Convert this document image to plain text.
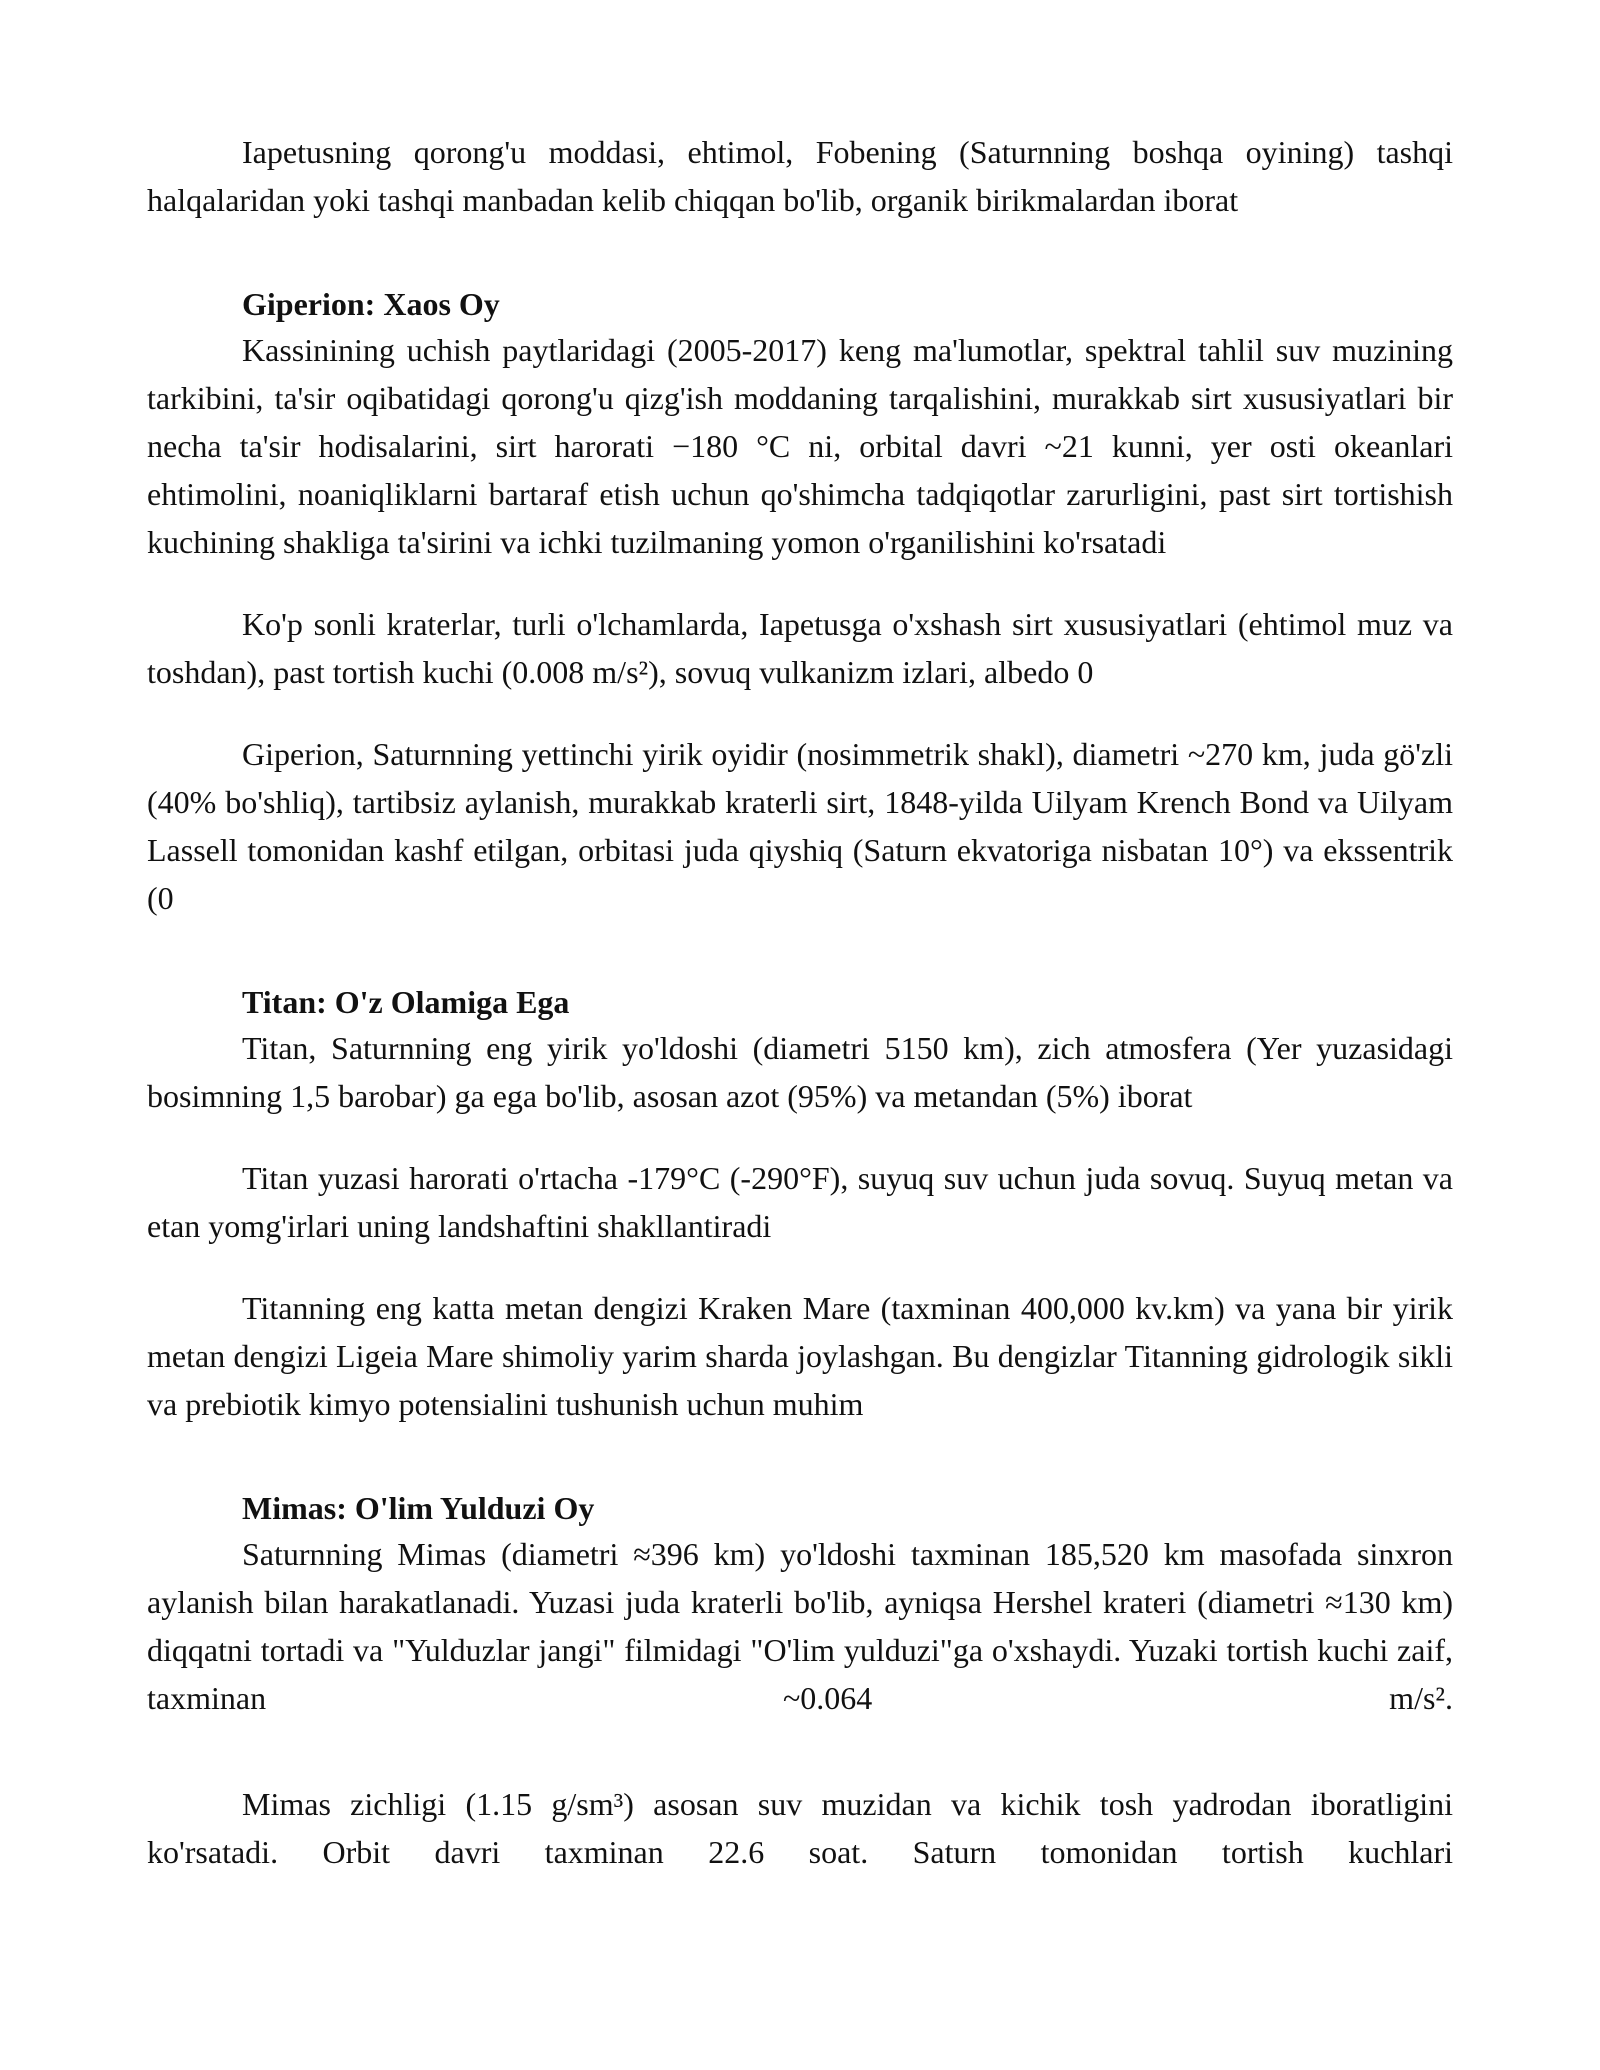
Iapetusning qorong'u moddasi, ehtimol, Fobening (Saturnning boshqa oyining) tashqi halqalaridan yoki tashqi manbadan kelib chiqqan bo'lib, organik birikmalardan iborat

Giperion: Xaos Oy

Kassinining uchish paytlaridagi (2005-2017) keng ma'lumotlar, spektral tahlil suv muzining tarkibini, ta'sir oqibatidagi qorong'u qizg'ish moddaning tarqalishini, murakkab sirt xususiyatlari bir necha ta'sir hodisalarini, sirt harorati −180 °C ni, orbital davri ~21 kunni, yer osti okeanlari ehtimolini, noaniqliklarni bartaraf etish uchun qo'shimcha tadqiqotlar zarurligini, past sirt tortishish kuchining shakliga ta'sirini va ichki tuzilmaning yomon o'rganilishini ko'rsatadi

Ko'p sonli kraterlar, turli o'lchamlarda, Iapetusga o'xshash sirt xususiyatlari (ehtimol muz va toshdan), past tortish kuchi (0.008 m/s²), sovuq vulkanizm izlari, albedo 0

Giperion, Saturnning yettinchi yirik oyidir (nosimmetrik shakl), diametri ~270 km, juda gö'zli (40% bo'shliq), tartibsiz aylanish, murakkab kraterli sirt, 1848-yilda Uilyam Krench Bond va Uilyam Lassell tomonidan kashf etilgan, orbitasi juda qiyshiq (Saturn ekvatoriga nisbatan 10°) va ekssentrik (0

Titan: O'z Olamiga Ega

Titan, Saturnning eng yirik yo'ldoshi (diametri 5150 km), zich atmosfera (Yer yuzasidagi bosimning 1,5 barobar) ga ega bo'lib, asosan azot (95%) va metandan (5%) iborat

Titan yuzasi harorati o'rtacha -179°C (-290°F), suyuq suv uchun juda sovuq. Suyuq metan va etan yomg'irlari uning landshaftini shakllantiradi

Titanning eng katta metan dengizi Kraken Mare (taxminan 400,000 kv.km) va yana bir yirik metan dengizi Ligeia Mare shimoliy yarim sharda joylashgan. Bu dengizlar Titanning gidrologik sikli va prebiotik kimyo potensialini tushunish uchun muhim

Mimas: O'lim Yulduzi Oy

Saturnning Mimas (diametri ≈396 km) yo'ldoshi taxminan 185,520 km masofada sinxron aylanish bilan harakatlanadi. Yuzasi juda kraterli bo'lib, ayniqsa Hershel krateri (diametri ≈130 km) diqqatni tortadi va "Yulduzlar jangi" filmidagi "O'lim yulduzi"ga o'xshaydi. Yuzaki tortish kuchi zaif, taxminan ~0.064 m/s².

Mimas zichligi (1.15 g/sm³) asosan suv muzidan va kichik tosh yadrodan iboratligini ko'rsatadi. Orbit davri taxminan 22.6 soat. Saturn tomonidan tortish kuchlari
